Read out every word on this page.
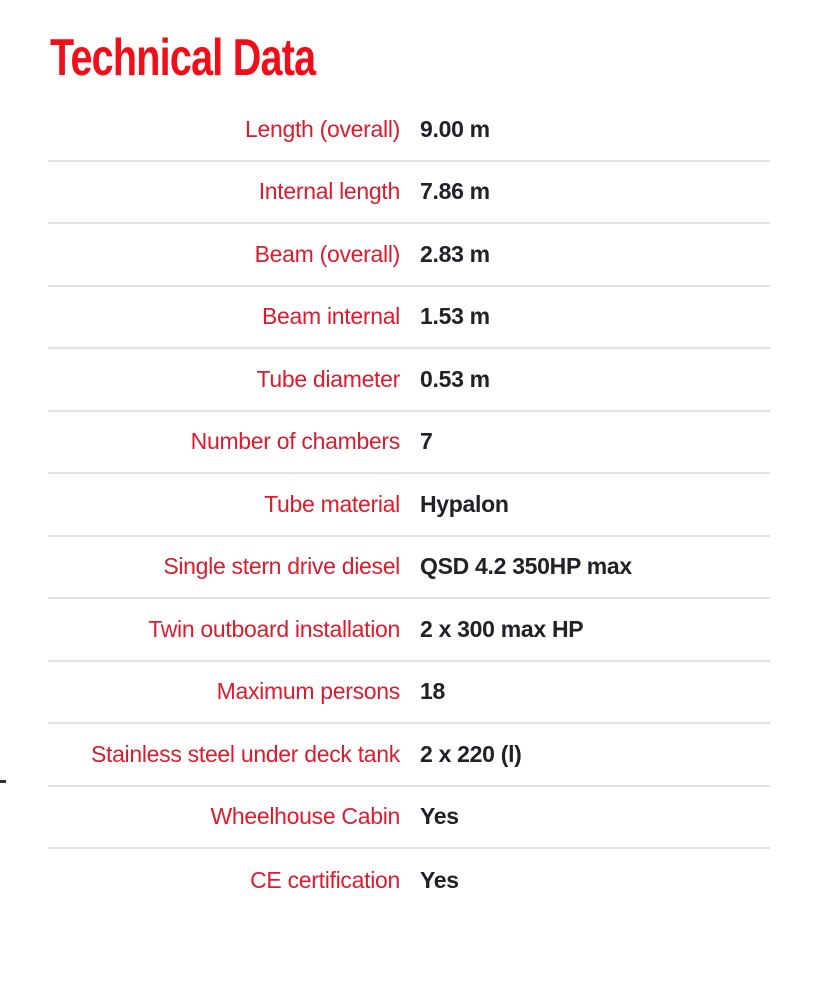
Technical Data
Length (overall) 9.00 m
Internal length 7.86 m
Beam (overall) 2.83 m
Beam internal 1.53 m
Tube diameter 0.53 m
Number of chambers 7
Tube material Hypalon
Single stern drive diesel QSD 4.2 350HP max
Twin outboard installation 2 x 300 max HP
Maximum persons 18
Stainless steel under deck tank 2 x 220 (l)
Wheelhouse Cabin Yes
CE certification Yes
